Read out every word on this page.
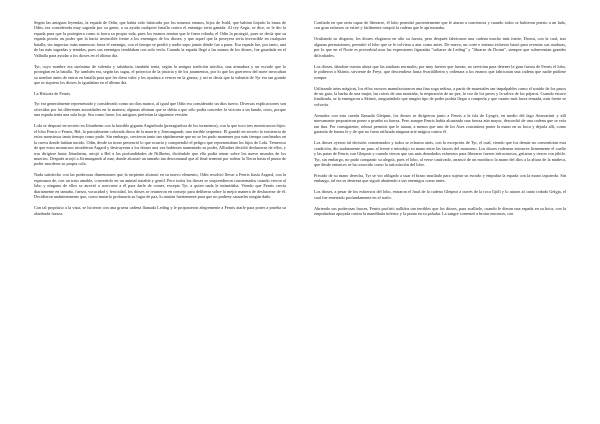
Según las antiguas leyendas, la espada de Odín, que había sido fabricada por los mismos enanos, hijos de Ivald, que habían forjado la lanza de Odín, era considerada muy sagrada por su gente, a su ayuda cualquier batalla contra el enemigo sería ganada. Al rey Aegir, se dice, se le dio la espada para que la protegiera como si fuera su propia vida, pues los enanos temían que le fuera robada; el Odín la protegió, pues se decía que su espada poseía un poder que la hacía invencible frente a los enemigos de los dioses; y que aquel que la poseyera sería invencible en cualquier batalla, sin importar cuán numeroso fuera el enemigo; con el tiempo se perdió y nadie supo jamás dónde fue a parar. Esa espada fue, por tanto, una de las más sagradas y temidas, pues sus enemigos temblaban con solo verla. Cuando la espada llegó a las manos de los dioses, fue guardada en el Valhalla para ayudar a los dioses en el último día.

Tyr, cuyo nombre era sinónimo de valentía y sabiduría, también tenía, según la antigua tradición nórdica, una armadura y un escudo que lo protegían en la batalla. Tyr también era, según las sagas, el protector de la justicia y de los juramentos, por lo que los guerreros del norte invocaban su nombre antes de entrar en batalla para que les diera valor y les ayudara a vencer en la guerra, y así se decía que la valentía de Tyr era tan grande que ni siquiera los dioses lo igualaban en el último día.

La Historia de Fenris.

Tyr era generalmente representado y considerado como un dios manco, al igual que Odín era considerado un dios tuerto. Diversas explicaciones son ofrecidas por las diferentes autoridades en la materia; algunas afirman que se debía a que sólo podía conceder la victoria a un bando, otros, porque una espada tenía una sola hoja. Sea como fuere, los antiguos preferían la siguiente versión:

Loki se desposó en secreto en Jötunheim con la horrible giganta Angurboda (presagiadora de los tormentos), con la que tuvo tres monstruosos hijos: el lobo Fenrir o Fenris, Hel, la parcialmente colorada diosa de la muerte y Jörmungandr, una terrible serpiente. El guardó en secreto la existencia de estos monstruos tanto tiempo como pudo. Sin embargo, crecieron tanto tan rápidamente que no se les pudo mantener por más tiempo confinados en la cueva donde habían nacido. Odín, desde su trono presenció lo que ocurría y comprendió el peligro que representaban los hijos de Loki. Temeroso de que estos monstruos invadieran Asgard y destruyeran a los dioses una vez hubiesen aumentado su poder, Allfather decidió deshacerse de ellos, y tras dirigirse hasta Jötunheim, arrojó a Hel a las profundidades de Niflheim, diciéndole que ella podía reinar sobre los nueve mundos de los muertos. Después arrojó a Jörmungandr al mar, donde alcanzó un tamaño tan descomunal que al final terminó por rodear la Tierra hasta el punto de poder morderse su propia cola.

Nada satisfecho con las poderosas dimensiones que la serpiente alcanzó en su nuevo elemento, Odín resolvió llevar a Fenris hasta Asgard, con la esperanza de, con un trato amable, convertirlo en un animal tratable y gentil. Pero todos los dioses se sorprendieron consternados cuando vieron al lobo y ninguno de ellos se atrevió a acercarse a él para darle de comer, excepto Tyr, a quien nada le intimidaba. Viendo que Fenris crecía diariamente en tamaño, fuerza, voracidad y ferocidad, los dioses se reunieron en consejo para deliberar sobre la mejor manera de deshacerse de él. Decidieron unánimemente que, como mutarlo profanaría su lugar de paz, lo atarían fuertemente para que no pudiese causarles ningún daño.

Con tal propósito a la vista, se hicieron con una gruesa cadena llamada Leding y le propusieron alegremente a Fenris atarle para poner a prueba su alardeada fuerza.

Confiado en que sería capaz de liberarse, él lobo permitió pacientemente que le ataran a conciencia y cuando todos se hubieron puesto a un lado, con gran esfuerzo se estiró y fácilmente rompió la cadena que le aprisionaba.

Ocultando su disgusto, los dioses elogiaron en alto su fuerza, pero después fabricaron una cadena mucho más fuerte, Dromi, con la cual, tras algunas persuasiones, permitió el lobo que se le volviera a atar como antes. De nuevo, un corte e intenso esfuerzo bastó para reventar sus ataduras, por lo que en el Norte es proverbial usar las expresiones figuradas "soltarse de Leding" y "librarse de Dromi", siempre que sobrevenían grandes dificultades.

Los dioses, dándose cuenta ahora que las ataduras normales, por muy fuertes que fueran, no servirían para detener la gran fuerza de Fenris el lobo, le pidieron a Skírnir, sirviente de Freyr, que descendiera hasta Svartálfheim y ordenara a los enanos que fabricaran una cadena que nadie pudiese romper.

Utilizando artes mágicas, los elfos oscuros manufacturaron una fina soga sedosa, a partir de materiales tan impalpables como el sonido de los pasos de un gato, la barba de una mujer, las raíces de una montaña, la respiración de un pez, la voz de los peces y la saliva de los pájaros. Cuando estuvo finalizada, se la entregaron a Skírnir, asegurándole que ningún tipo de poder podría llegar a romperla y que cuanto más fuera tensada, más fuerte se volvería.

Armados con esta cuerda llamada Gleipnir, los dioses se dirigieron junto a Fenris a la isla de Lyngvi, en medio del lago Amsvartnir y allí nuevamente propusieron poner a prueba su fuerza. Pero aunque Fenris había alcanzado una fuerza aún mayor, desconfió de una cadena que se veía tan fina. Por consiguiente, rehusó permitir que le ataran, a menos que uno de los Ases consintiera poner la mano en su boca y dejarla allí, como garantía de buena fe y de que no fuera utilizada ninguna arte mágica contra él.

Los dioses oyeron tal decisión consternados y todos se echaron atrás, con la excepción de Tyr, el cual, viendo que los demás no consentirían esta condición, dio audazmente un paso al frente e introdujo su mano entre las fauces del monstruo. Los dioses rodearon entonces firmemente el cuello y las patas de Fenris con Gleipnir y cuando vieron que sus más denodados esfuerzos para liberarse fueron infructuosos, gritaron y rieron con júbilo. Tyr, sin embargo, no pudo compartir su alegría, pues el lobo, al verse cautivado, arrancó de un mordisco la mano del dios a la altura de la muñeca, que desde entonces se ha conocido como la articulación del lobo.

Privado de su mano derecha, Tyr se vio obligado a usar el brazo mutilado para sujetar su escudo y empuñar la espada con la mano izquierda. Sin embargo, tal era su destreza que siguió abatiendo a sus enemigos como antes.

Los dioses, a pesar de los esfuerzos del lobo, entraron el final de la cadena Gleipnir a través de la roca Gjöll y lo ataron al canto rodado Gelgja, el cual fue enterrado profundamente en el suelo.

Abriendo sus poderosas fauces, Fenris profirió aullidos tan terribles que los dioses, para acallarle, cuando le dieron una espada en su boca, con la empuñadura apoyada contra la mandíbula inferior y la punta en su paladar. La sangre comenzó a brotar entonces, con
